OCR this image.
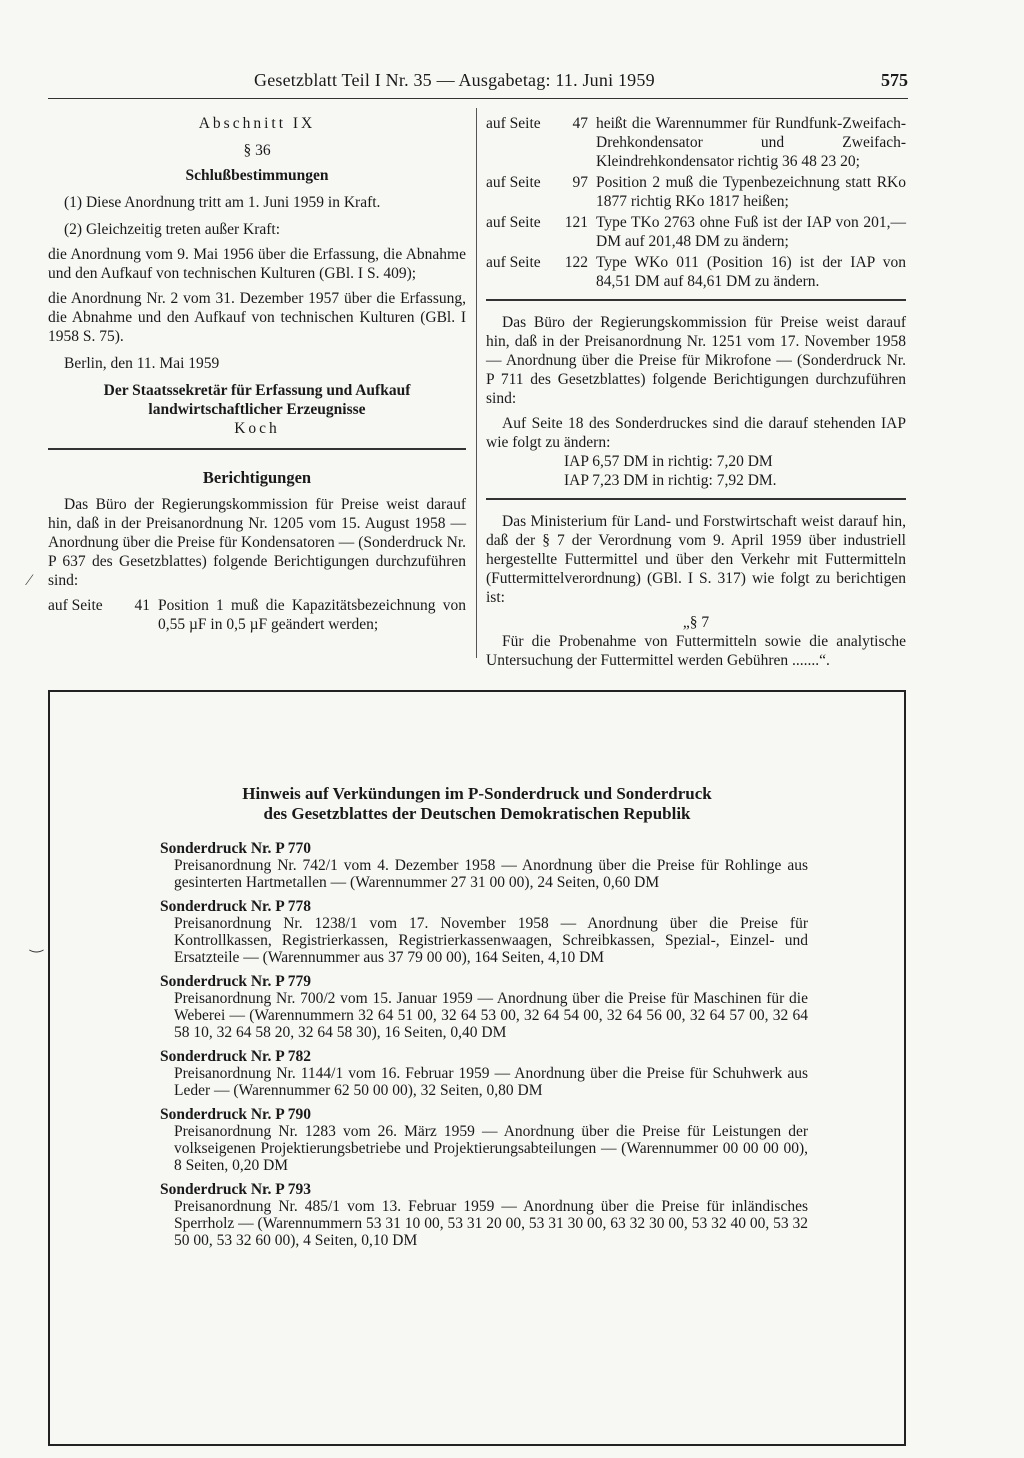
Gesetzblatt Teil I Nr. 35 — Ausgabetag: 11. Juni 1959	575

Abschnitt IX

§ 36

Schlußbestimmungen

(1) Diese Anordnung tritt am 1. Juni 1959 in Kraft.

(2) Gleichzeitig treten außer Kraft:

die Anordnung vom 9. Mai 1956 über die Erfassung, die Abnahme und den Aufkauf von technischen Kulturen (GBl. I S. 409);

die Anordnung Nr. 2 vom 31. Dezember 1957 über die Erfassung, die Abnahme und den Aufkauf von technischen Kulturen (GBl. I 1958 S. 75).

Berlin, den 11. Mai 1959

Der Staatssekretär für Erfassung und Aufkauf landwirtschaftlicher Erzeugnisse

Koch

Berichtigungen

Das Büro der Regierungskommission für Preise weist darauf hin, daß in der Preisanordnung Nr. 1205 vom 15. August 1958 — Anordnung über die Preise für Kondensatoren — (Sonderdruck Nr. P 637 des Gesetzblattes) folgende Berichtigungen durchzuführen sind:

auf Seite 41 Position 1 muß die Kapazitätsbezeichnung von 0,55 µF in 0,5 µF geändert werden;
auf Seite 47 heißt die Warennummer für Rundfunk-Zweifach-Drehkondensator und Zweifach-Kleindrehkondensator richtig 36 48 23 20;
auf Seite 97 Position 2 muß die Typenbezeichnung statt RKo 1877 richtig RKo 1817 heißen;
auf Seite 121 Type TKo 2763 ohne Fuß ist der IAP von 201,— DM auf 201,48 DM zu ändern;
auf Seite 122 Type WKo 011 (Position 16) ist der IAP von 84,51 DM auf 84,61 DM zu ändern.

Das Büro der Regierungskommission für Preise weist darauf hin, daß in der Preisanordnung Nr. 1251 vom 17. November 1958 — Anordnung über die Preise für Mikrofone — (Sonderdruck Nr. P 711 des Gesetzblattes) folgende Berichtigungen durchzuführen sind:

Auf Seite 18 des Sonderdruckes sind die darauf stehenden IAP wie folgt zu ändern:

IAP 6,57 DM in richtig: 7,20 DM

IAP 7,23 DM in richtig: 7,92 DM.

Das Ministerium für Land- und Forstwirtschaft weist darauf hin, daß der § 7 der Verordnung vom 9. April 1959 über industriell hergestellte Futtermittel und über den Verkehr mit Futtermitteln (Futtermittelverordnung) (GBl. I S. 317) wie folgt zu berichtigen ist:

„§ 7

Für die Probenahme von Futtermitteln sowie die analytische Untersuchung der Futtermittel werden Gebühren .......“.

Hinweis auf Verkündungen im P-Sonderdruck und Sonderdruck
des Gesetzblattes der Deutschen Demokratischen Republik
Sonderdruck Nr. P 770
Preisanordnung Nr. 742/1 vom 4. Dezember 1958 — Anordnung über die Preise für Rohlinge aus gesinterten Hartmetallen — (Warennummer 27 31 00 00), 24 Seiten, 0,60 DM
Sonderdruck Nr. P 778
Preisanordnung Nr. 1238/1 vom 17. November 1958 — Anordnung über die Preise für Kontrollkassen, Registrierkassen, Registrierkassenwaagen, Schreibkassen, Spezial-, Einzel- und Ersatzteile — (Warennummer aus 37 79 00 00), 164 Seiten, 4,10 DM
Sonderdruck Nr. P 779
Preisanordnung Nr. 700/2 vom 15. Januar 1959 — Anordnung über die Preise für Maschinen für die Weberei — (Warennummern 32 64 51 00, 32 64 53 00, 32 64 54 00, 32 64 56 00, 32 64 57 00, 32 64 58 10, 32 64 58 20, 32 64 58 30), 16 Seiten, 0,40 DM
Sonderdruck Nr. P 782
Preisanordnung Nr. 1144/1 vom 16. Februar 1959 — Anordnung über die Preise für Schuhwerk aus Leder — (Warennummer 62 50 00 00), 32 Seiten, 0,80 DM
Sonderdruck Nr. P 790
Preisanordnung Nr. 1283 vom 26. März 1959 — Anordnung über die Preise für Leistungen der volkseigenen Projektierungsbetriebe und Projektierungsabteilungen — (Warennummer 00 00 00 00), 8 Seiten, 0,20 DM
Sonderdruck Nr. P 793
Preisanordnung Nr. 485/1 vom 13. Februar 1959 — Anordnung über die Preise für inländisches Sperrholz — (Warennummern 53 31 10 00, 53 31 20 00, 53 31 30 00, 63 32 30 00, 53 32 40 00, 53 32 50 00, 53 32 60 00), 4 Seiten, 0,10 DM
⁄
‿
